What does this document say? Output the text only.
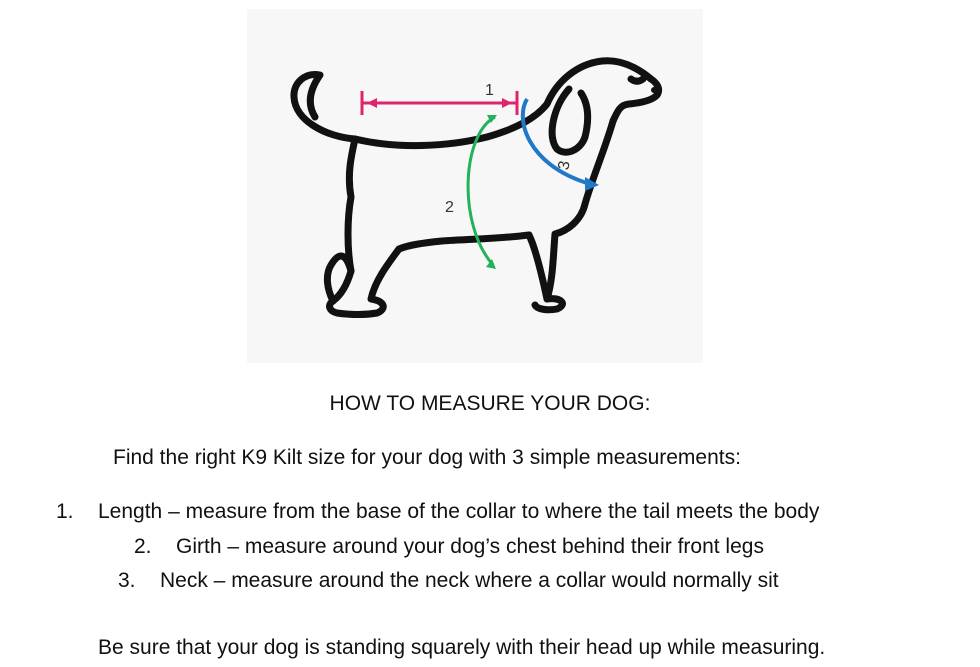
1
2
3
HOW TO MEASURE YOUR DOG:
Find the right K9 Kilt size for your dog with 3 simple measurements:
1. Length – measure from the base of the collar to where the tail meets the body
2. Girth – measure around your dog’s chest behind their front legs
3. Neck – measure around the neck where a collar would normally sit
Be sure that your dog is standing squarely with their head up while measuring.
